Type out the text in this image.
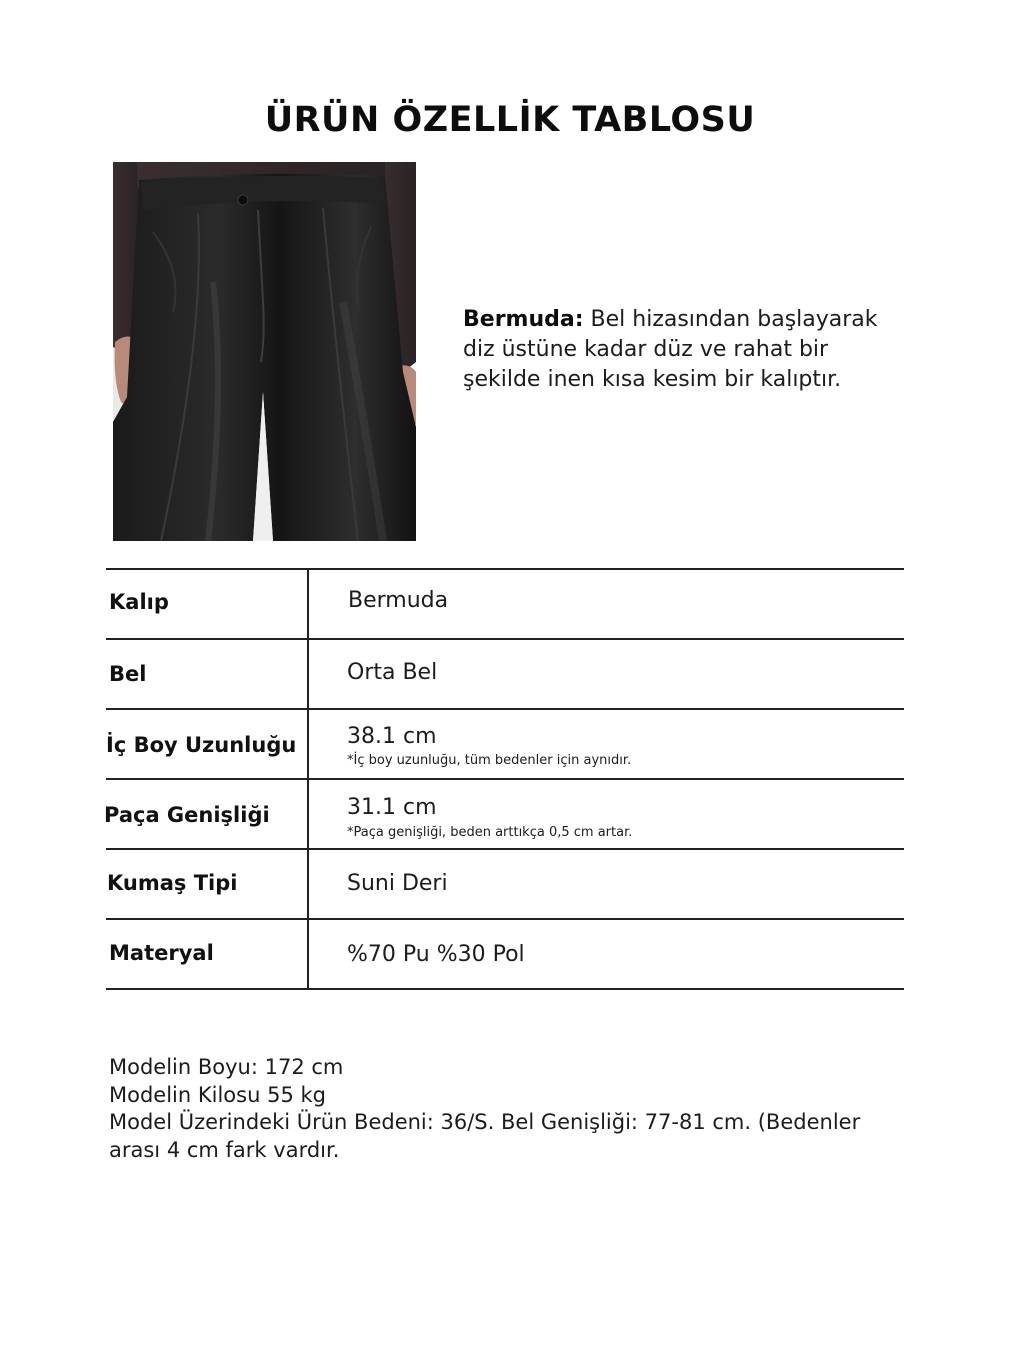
ÜRÜN ÖZELLİK TABLOSU
Bermuda: Bel hizasından başlayarak diz üstüne kadar düz ve rahat bir şekilde inen kısa kesim bir kalıptır.
Kalıp	Bermuda
Bel	Orta Bel
İç Boy Uzunluğu 38.1 cm
*İç boy uzunluğu, tüm bedenler için aynıdır.
Paça Genişliği	31.1 cm
*Paça genişliği, beden arttıkça 0,5 cm artar.
Kumaş Tipi	Suni Deri
Materyal	%70 Pu %30 Pol
Modelin Boyu: 172 cm
Modelin Kilosu 55 kg
Model Üzerindeki Ürün Bedeni: 36/S. Bel Genişliği: 77-81 cm. (Bedenler arası 4 cm fark vardır.
